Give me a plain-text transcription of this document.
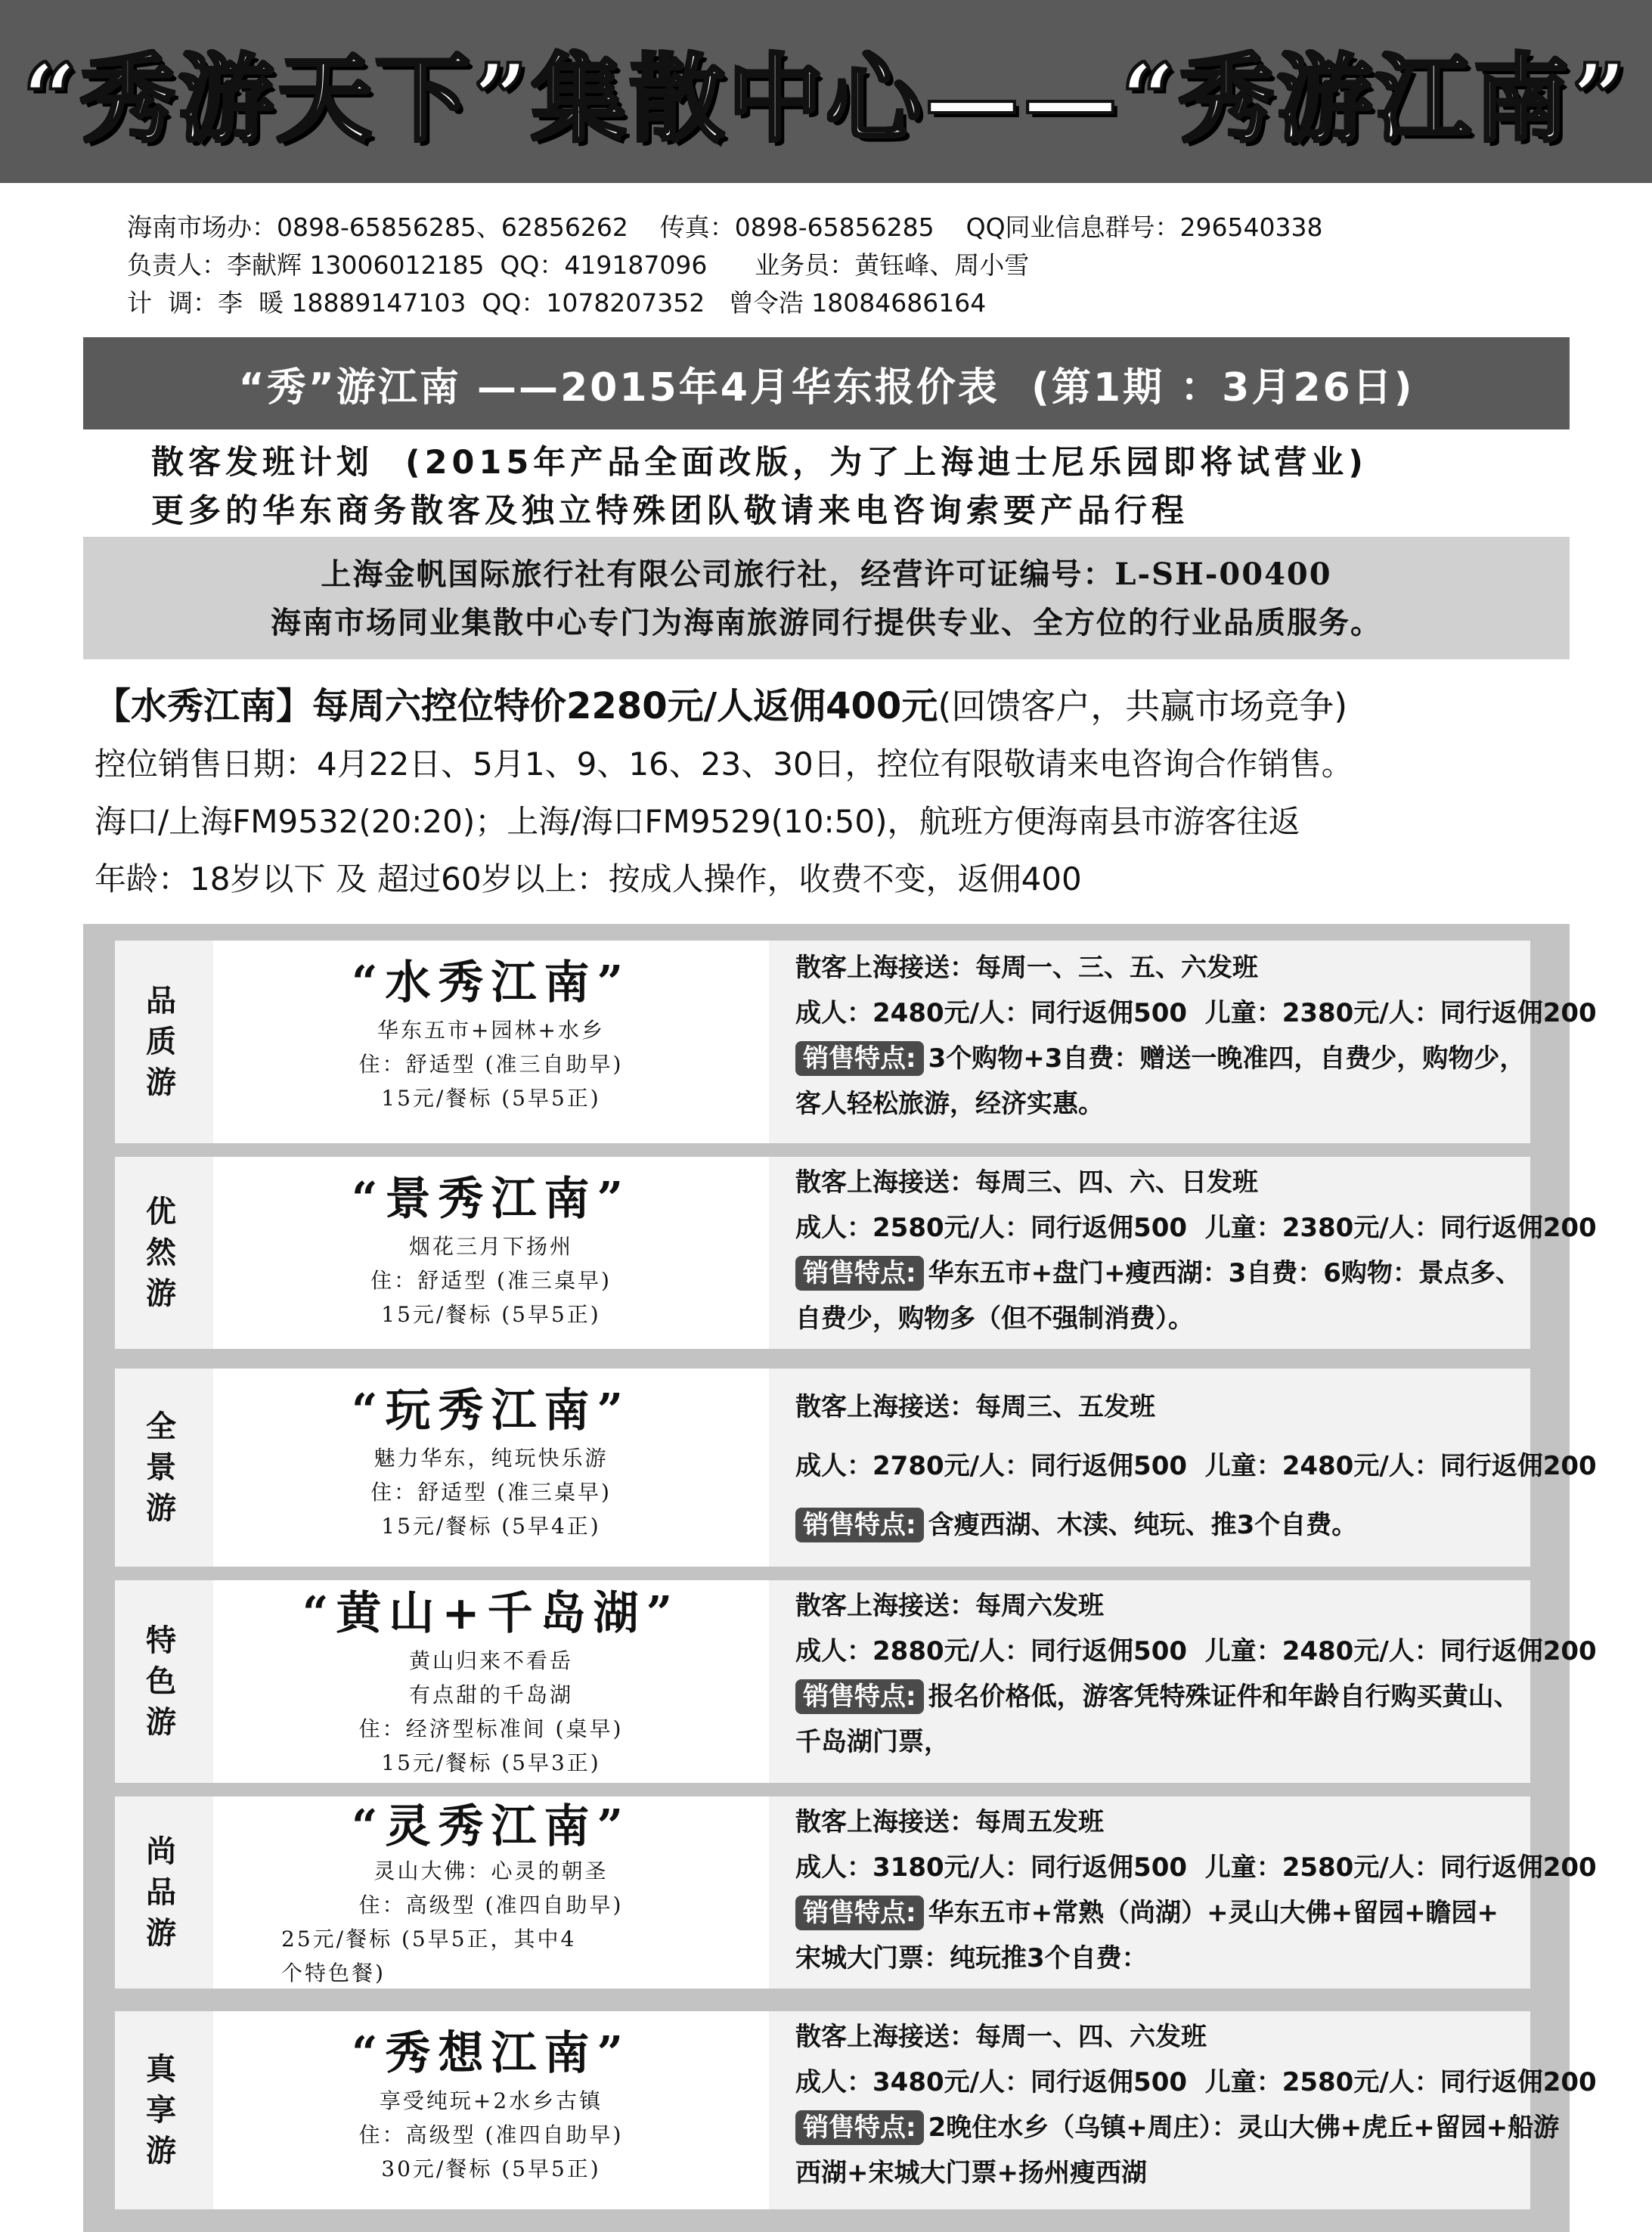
“秀游天下”集散中心——“秀游江南”
海南市场办：0898-65856285、62856262    传真：0898-65856285    QQ同业信息群号：296540338
负责人：李献辉 13006012185  QQ：419187096      业务员：黄钰峰、周小雪
计  调：李  暖 18889147103  QQ：1078207352   曾令浩 18084686164
“秀”游江南 ——2015年4月华东报价表  (第1期 ：3月26日)
散客发班计划  (2015年产品全面改版，为了上海迪士尼乐园即将试营业)
更多的华东商务散客及独立特殊团队敬请来电咨询索要产品行程
上海金帆国际旅行社有限公司旅行社，经营许可证编号：L-SH-00400
海南市场同业集散中心专门为海南旅游同行提供专业、全方位的行业品质服务。
【水秀江南】每周六控位特价2280元/人返佣400元(回馈客户，共赢市场竞争)
控位销售日期：4月22日、5月1、9、16、23、30日，控位有限敬请来电咨询合作销售。
海口/上海FM9532(20:20)；上海/海口FM9529(10:50)，航班方便海南县市游客往返
年龄：18岁以下 及 超过60岁以上：按成人操作，收费不变，返佣400
品
质
游
“水秀江南”
华东五市+园林+水乡
住：舒适型 (准三自助早)
15元/餐标 (5早5正)
散客上海接送：每周一、三、五、六发班
成人：2480元/人：同行返佣500  儿童：2380元/人：同行返佣200
销售特点: 3个购物+3自费：赠送一晚准四，自费少，购物少，
客人轻松旅游，经济实惠。
优
然
游
“景秀江南”
烟花三月下扬州
住：舒适型 (准三桌早)
15元/餐标 (5早5正)
散客上海接送：每周三、四、六、日发班
成人：2580元/人：同行返佣500  儿童：2380元/人：同行返佣200
销售特点: 华东五市+盘门+瘦西湖：3自费：6购物：景点多、
自费少，购物多（但不强制消费）。
全
景
游
“玩秀江南”
魅力华东，纯玩快乐游
住：舒适型 (准三桌早)
15元/餐标 (5早4正)
散客上海接送：每周三、五发班
成人：2780元/人：同行返佣500  儿童：2480元/人：同行返佣200
销售特点: 含瘦西湖、木渎、纯玩、推3个自费。
特
色
游
“黄山+千岛湖”
黄山归来不看岳
有点甜的千岛湖
住：经济型标准间 (桌早)
15元/餐标 (5早3正)
散客上海接送：每周六发班
成人：2880元/人：同行返佣500  儿童：2480元/人：同行返佣200
销售特点: 报名价格低，游客凭特殊证件和年龄自行购买黄山、
千岛湖门票，
尚
品
游
“灵秀江南”
灵山大佛：心灵的朝圣
住：高级型 (准四自助早)
25元/餐标 (5早5正，其中4
个特色餐)
散客上海接送：每周五发班
成人：3180元/人：同行返佣500  儿童：2580元/人：同行返佣200
销售特点: 华东五市+常熟（尚湖）+灵山大佛+留园+瞻园+
宋城大门票：纯玩推3个自费：
真
享
游
“秀想江南”
享受纯玩+2水乡古镇
住：高级型 (准四自助早)
30元/餐标 (5早5正)
散客上海接送：每周一、四、六发班
成人：3480元/人：同行返佣500  儿童：2580元/人：同行返佣200
销售特点: 2晚住水乡（乌镇+周庄）：灵山大佛+虎丘+留园+船游
西湖+宋城大门票+扬州瘦西湖
